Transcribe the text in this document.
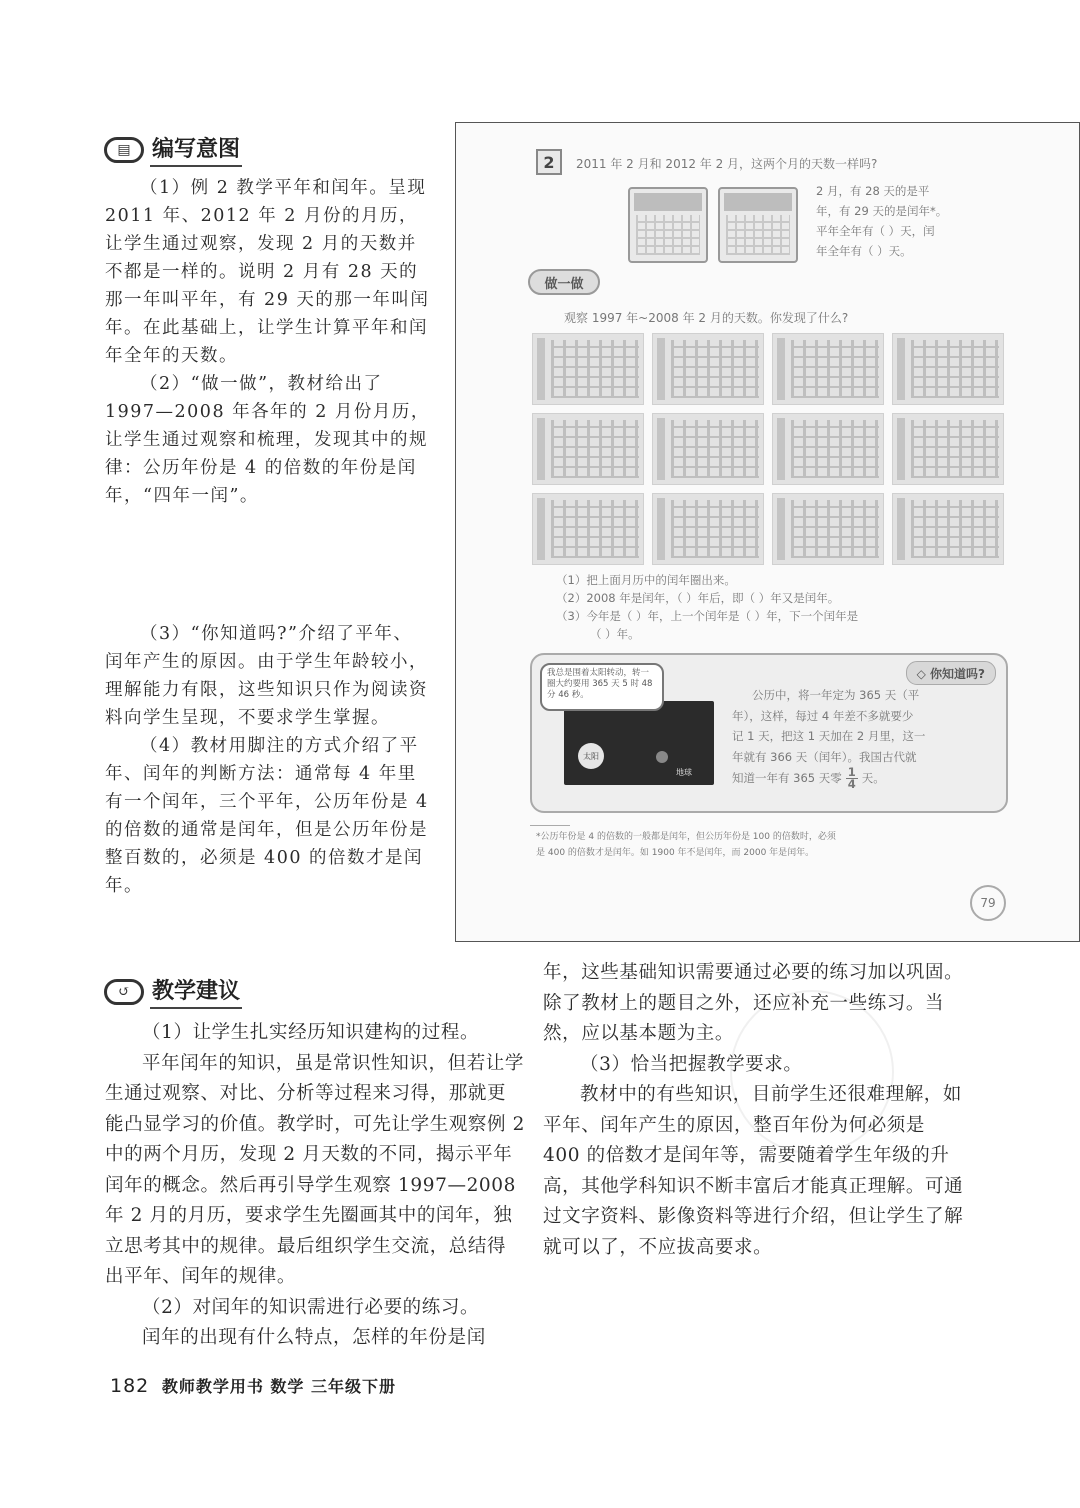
▤ 编写意图

（1）例 2 教学平年和闰年。呈现 2011 年、2012 年 2 月份的月历，让学生通过观察，发现 2 月的天数并不都是一样的。说明 2 月有 28 天的那一年叫平年，有 29 天的那一年叫闰年。在此基础上，让学生计算平年和闰年全年的天数。

（2）“做一做”，教材给出了 1997—2008 年各年的 2 月份月历，让学生通过观察和梳理，发现其中的规律：公历年份是 4 的倍数的年份是闰年，“四年一闰”。

（3）“你知道吗?”介绍了平年、闰年产生的原因。由于学生年龄较小，理解能力有限，这些知识只作为阅读资料向学生呈现，不要求学生掌握。

（4）教材用脚注的方式介绍了平年、闰年的判断方法：通常每 4 年里有一个闰年，三个平年，公历年份是 4 的倍数的通常是闰年，但是公历年份是整百数的，必须是 400 的倍数才是闰年。

2	2011 年 2 月和 2012 年 2 月，这两个月的天数一样吗?
2 月，有 28 天的是平
年，有 29 天的是闰年*。
平年全年有（ ）天，闰
年全年有（ ）天。
做一做
观察 1997 年~2008 年 2 月的天数。你发现了什么?
（1）把上面月历中的闰年圈出来。
（2）2008 年是闰年，（ ）年后，即（ ）年又是闰年。
（3）今年是（ ）年，上一个闰年是（ ）年，下一个闰年是
（ ）年。
◇ 你知道吗?
太阳
地球
我总是围着太阳转动，转一圈大约要用 365 天 5 时 48 分 46 秒。	公历中，将一年定为 365 天（平
年），这样，每过 4 年差不多就要少
记 1 天，把这 1 天加在 2 月里，这一
年就有 366 天（闰年）。我国古代就
知道一年有 365 天零 $\frac{1}{4}$ 天。
*公历年份是 4 的倍数的一般都是闰年，但公历年份是 100 的倍数时，必须
是 400 的倍数才是闰年。如 1900 年不是闰年，而 2000 年是闰年。
79
↺	教学建议

（1）让学生扎实经历知识建构的过程。

平年闰年的知识，虽是常识性知识，但若让学生通过观察、对比、分析等过程来习得，那就更能凸显学习的价值。教学时，可先让学生观察例 2 中的两个月历，发现 2 月天数的不同，揭示平年闰年的概念。然后再引导学生观察 1997—2008 年 2 月的月历，要求学生先圈画其中的闰年，独立思考其中的规律。最后组织学生交流，总结得出平年、闰年的规律。

（2）对闰年的知识需进行必要的练习。

闰年的出现有什么特点，怎样的年份是闰

年，这些基础知识需要通过必要的练习加以巩固。除了教材上的题目之外，还应补充一些练习。当然，应以基本题为主。

（3）恰当把握教学要求。

教材中的有些知识，目前学生还很难理解，如平年、闰年产生的原因，整百年份为何必须是 400 的倍数才是闰年等，需要随着学生年级的升高，其他学科知识不断丰富后才能真正理解。可通过文字资料、影像资料等进行介绍，但让学生了解就可以了，不应拔高要求。

182 教师教学用书 数学 三年级下册
